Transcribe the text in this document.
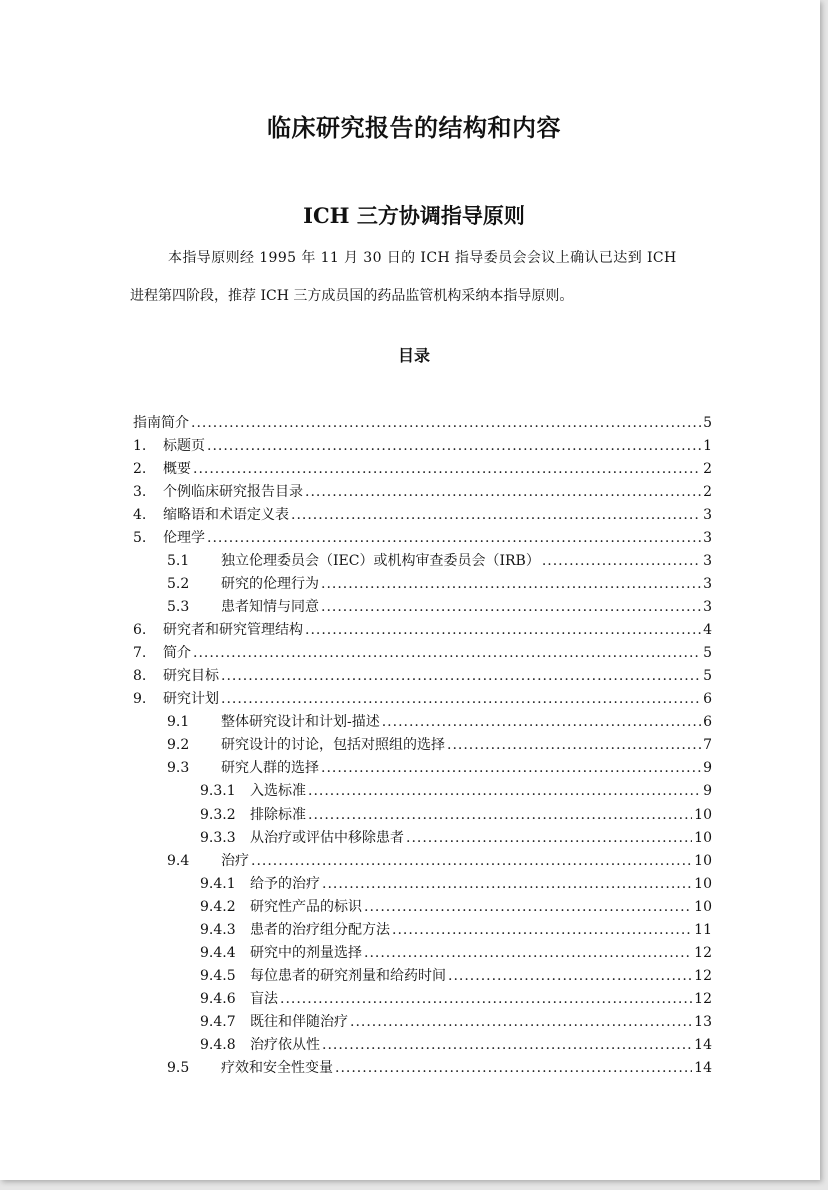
临床研究报告的结构和内容
ICH 三方协调指导原则
本指导原则经 1995 年 11 月 30 日的 ICH 指导委员会会议上确认已达到 ICH
进程第四阶段，推荐 ICH 三方成员国的药品监管机构采纳本指导原则。
目录
指南简介 .....	5
1.	标题页 .....	1
2.	概要 .....	2
3.	个例临床研究报告目录 .....	2
4.	缩略语和术语定义表 .....	3
5.	伦理学 .....	3
5.1	独立伦理委员会（IEC）或机构审查委员会（IRB） .....	3
5.2	研究的伦理行为 .....	3
5.3	患者知情与同意 .....	3
6.	研究者和研究管理结构 .....	4
7.	简介 .....	5
8.	研究目标 .....	5
9.	研究计划 .....	6
9.1	整体研究设计和计划-描述 .....	6
9.2	研究设计的讨论，包括对照组的选择 .....	7
9.3	研究人群的选择 .....	9
9.3.1	入选标准 .....	9
9.3.2	排除标准 .....	10
9.3.3	从治疗或评估中移除患者 .....	10
9.4	治疗 .....	10
9.4.1	给予的治疗 .....	10
9.4.2	研究性产品的标识 .....	10
9.4.3	患者的治疗组分配方法 .....	11
9.4.4	研究中的剂量选择 .....	12
9.4.5	每位患者的研究剂量和给药时间 .....	12
9.4.6	盲法 .....	12
9.4.7	既往和伴随治疗 .....	13
9.4.8	治疗依从性 .....	14
9.5	疗效和安全性变量 .....	14
